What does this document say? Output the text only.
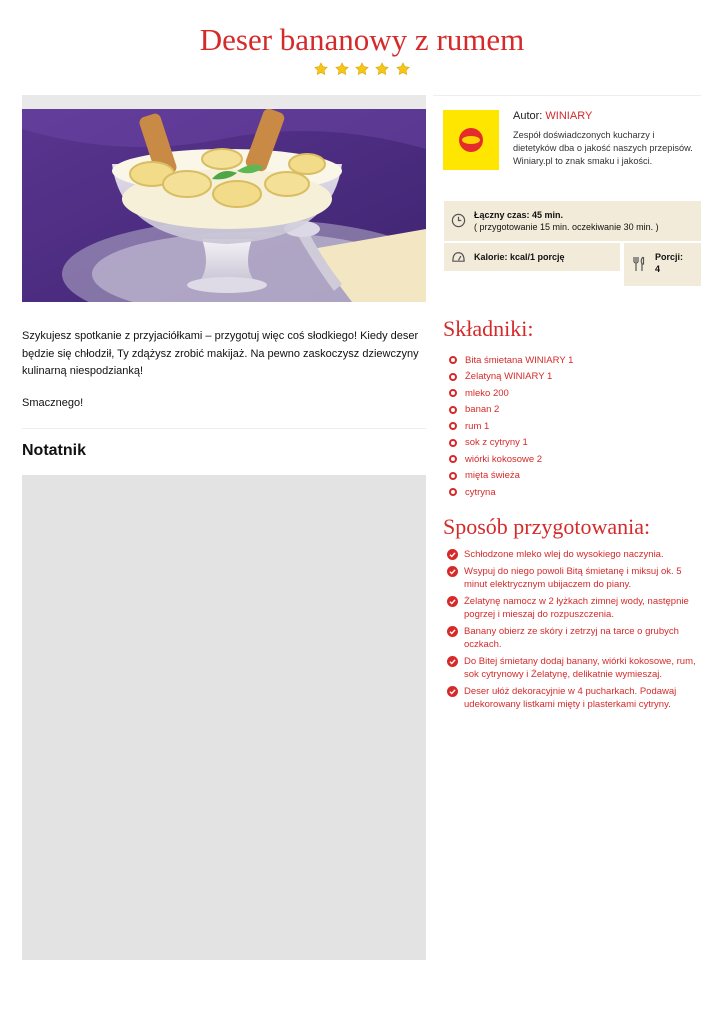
Deser bananowy z rumem

Autor: WINIARY
Zespół doświadczonych kucharzy i dietetyków dba o jakość naszych przepisów. Winiary.pl to znak smaku i jakości.
Łączny czas: 45 min.
( przygotowanie 15 min. oczekiwanie 30 min. )
Kalorie: kcal/1 porcję	Porcji:
4

Szykujesz spotkanie z przyjaciółkami – przygotuj więc coś słodkiego! Kiedy deser będzie się chłodził, Ty zdążysz zrobić makijaż. Na pewno zaskoczysz dziewczyny kulinarną niespodzianką!

Smacznego!

Notatnik
Składniki:
Bita śmietana WINIARY 1
Żelatyną WINIARY 1
mleko 200
banan 2
rum 1
sok z cytryny 1
wiórki kokosowe 2
mięta świeża
cytryna
Sposób przygotowania:
Schłodzone mleko wlej do wysokiego naczynia.
Wsypuj do niego powoli Bitą śmietanę i miksuj ok. 5 minut elektrycznym ubijaczem do piany.
Żelatynę namocz w 2 łyżkach zimnej wody, następnie pogrzej i mieszaj do rozpuszczenia.
Banany obierz ze skóry i zetrzyj na tarce o grubych oczkach.
Do Bitej śmietany dodaj banany, wiórki kokosowe, rum, sok cytrynowy i Żelatynę, delikatnie wymieszaj.
Deser ułóż dekoracyjnie w 4 pucharkach. Podawaj udekorowany listkami mięty i plasterkami cytryny.
